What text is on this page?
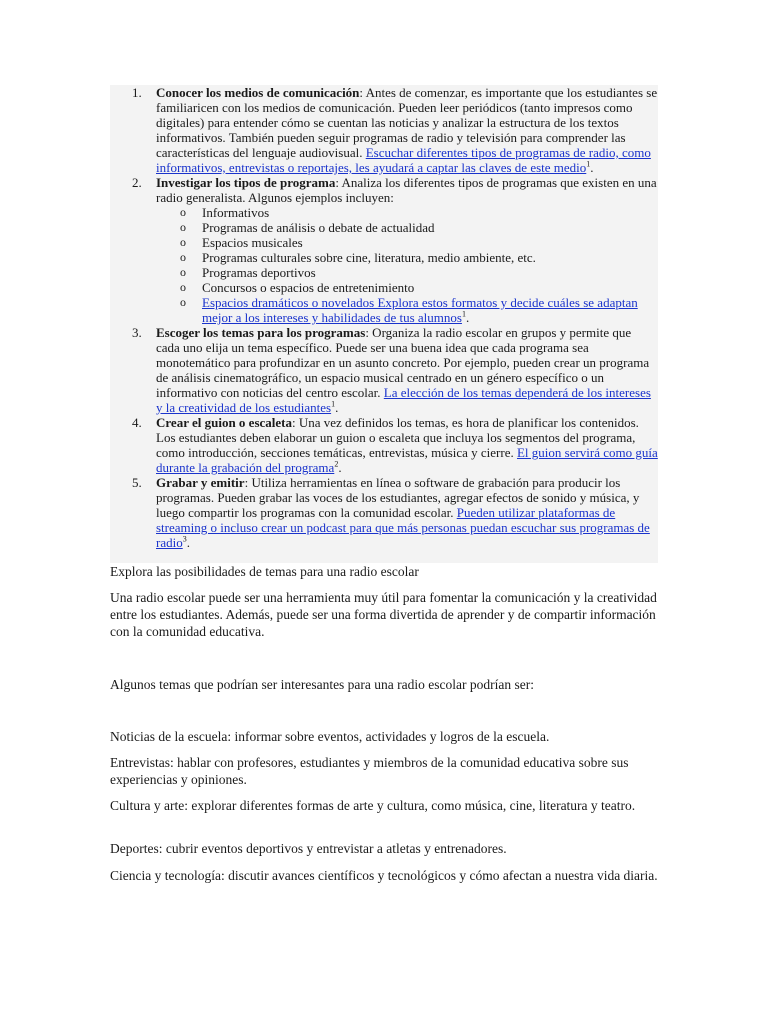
1. Conocer los medios de comunicación: Antes de comenzar, es importante que los estudiantes se familiaricen con los medios de comunicación. Pueden leer periódicos (tanto impresos como digitales) para entender cómo se cuentan las noticias y analizar la estructura de los textos informativos. También pueden seguir programas de radio y televisión para comprender las características del lenguaje audiovisual. Escuchar diferentes tipos de programas de radio, como informativos, entrevistas o reportajes, les ayudará a captar las claves de este medio$^1$.
2. Investigar los tipos de programa: Analiza los diferentes tipos de programas que existen en una radio generalista. Algunos ejemplos incluyen:
o Informativos
o Programas de análisis o debate de actualidad
o Espacios musicales
o Programas culturales sobre cine, literatura, medio ambiente, etc.
o Programas deportivos
o Concursos o espacios de entretenimiento
o Espacios dramáticos o novelados Explora estos formatos y decide cuáles se adaptan mejor a los intereses y habilidades de tus alumnos$^1$.
3. Escoger los temas para los programas: Organiza la radio escolar en grupos y permite que cada uno elija un tema específico. Puede ser una buena idea que cada programa sea monotemático para profundizar en un asunto concreto. Por ejemplo, pueden crear un programa de análisis cinematográfico, un espacio musical centrado en un género específico o un informativo con noticias del centro escolar. La elección de los temas dependerá de los intereses y la creatividad de los estudiantes$^1$.
4. Crear el guion o escaleta: Una vez definidos los temas, es hora de planificar los contenidos. Los estudiantes deben elaborar un guion o escaleta que incluya los segmentos del programa, como introducción, secciones temáticas, entrevistas, música y cierre. El guion servirá como guía durante la grabación del programa$^2$.
5. Grabar y emitir: Utiliza herramientas en línea o software de grabación para producir los programas. Pueden grabar las voces de los estudiantes, agregar efectos de sonido y música, y luego compartir los programas con la comunidad escolar. Pueden utilizar plataformas de streaming o incluso crear un podcast para que más personas puedan escuchar sus programas de radio$^3$.
Explora las posibilidades de temas para una radio escolar

Una radio escolar puede ser una herramienta muy útil para fomentar la comunicación y la creatividad entre los estudiantes. Además, puede ser una forma divertida de aprender y de compartir información con la comunidad educativa.

Algunos temas que podrían ser interesantes para una radio escolar podrían ser:

Noticias de la escuela: informar sobre eventos, actividades y logros de la escuela.

Entrevistas: hablar con profesores, estudiantes y miembros de la comunidad educativa sobre sus experiencias y opiniones.

Cultura y arte: explorar diferentes formas de arte y cultura, como música, cine, literatura y teatro.

Deportes: cubrir eventos deportivos y entrevistar a atletas y entrenadores.

Ciencia y tecnología: discutir avances científicos y tecnológicos y cómo afectan a nuestra vida diaria.
